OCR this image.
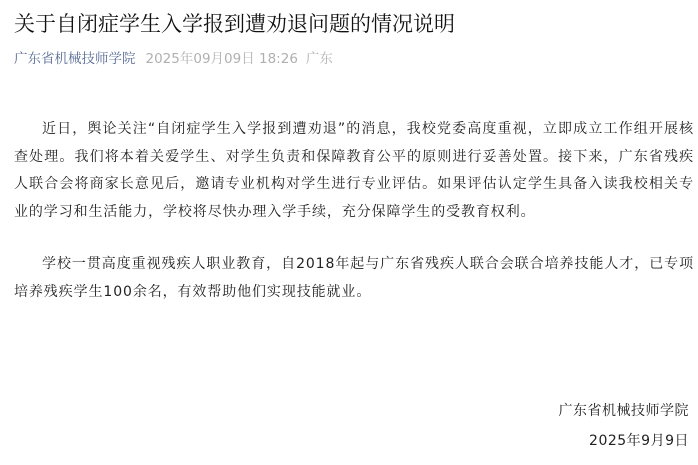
关于自闭症学生入学报到遭劝退问题的情况说明
广东省机械技师学院 2025年09月09日 18:26 广东

近日，舆论关注“自闭症学生入学报到遭劝退”的消息，我校党委高度重视，立即成立工作组开展核查处理。我们将本着关爱学生、对学生负责和保障教育公平的原则进行妥善处置。接下来，广东省残疾人联合会将商家长意见后，邀请专业机构对学生进行专业评估。如果评估认定学生具备入读我校相关专业的学习和生活能力，学校将尽快办理入学手续，充分保障学生的受教育权利。

学校一贯高度重视残疾人职业教育，自2018年起与广东省残疾人联合会联合培养技能人才，已专项培养残疾学生100余名，有效帮助他们实现技能就业。

广东省机械技师学院
2025年9月9日
